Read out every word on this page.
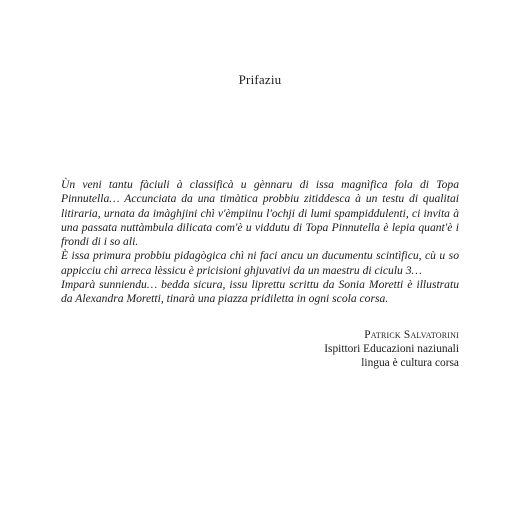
Prifaziu

Ùn veni tantu fàciuli à classificà u gènnaru di issa magnìfica fola di Topa Pinnutella… Accunciata da una timàtica probbiu zitiddesca à un testu di qualitai litiraria, urnata da imàghjini chì v'èmpiinu l'ochji di lumi spampiddulenti, ci invita à una passata nuttàmbula dilicata com'è u viddutu di Topa Pinnutella è lepia quant'è i frondi di i so ali.

È issa primura probbiu pidagògica chì ni faci ancu un ducumentu scintìficu, cù u so appicciu chì arreca lèssicu è pricisioni ghjuvativi da un maestru di ciculu 3…

Imparà sunniendu… bedda sicura, issu liprettu scrittu da Sonia Moretti è illustratu da Alexandra Moretti, tinarà una piazza pridiletta in ogni scola corsa.

Patrick Salvatorini
Ispittori Educazioni naziunali
lingua è cultura corsa
